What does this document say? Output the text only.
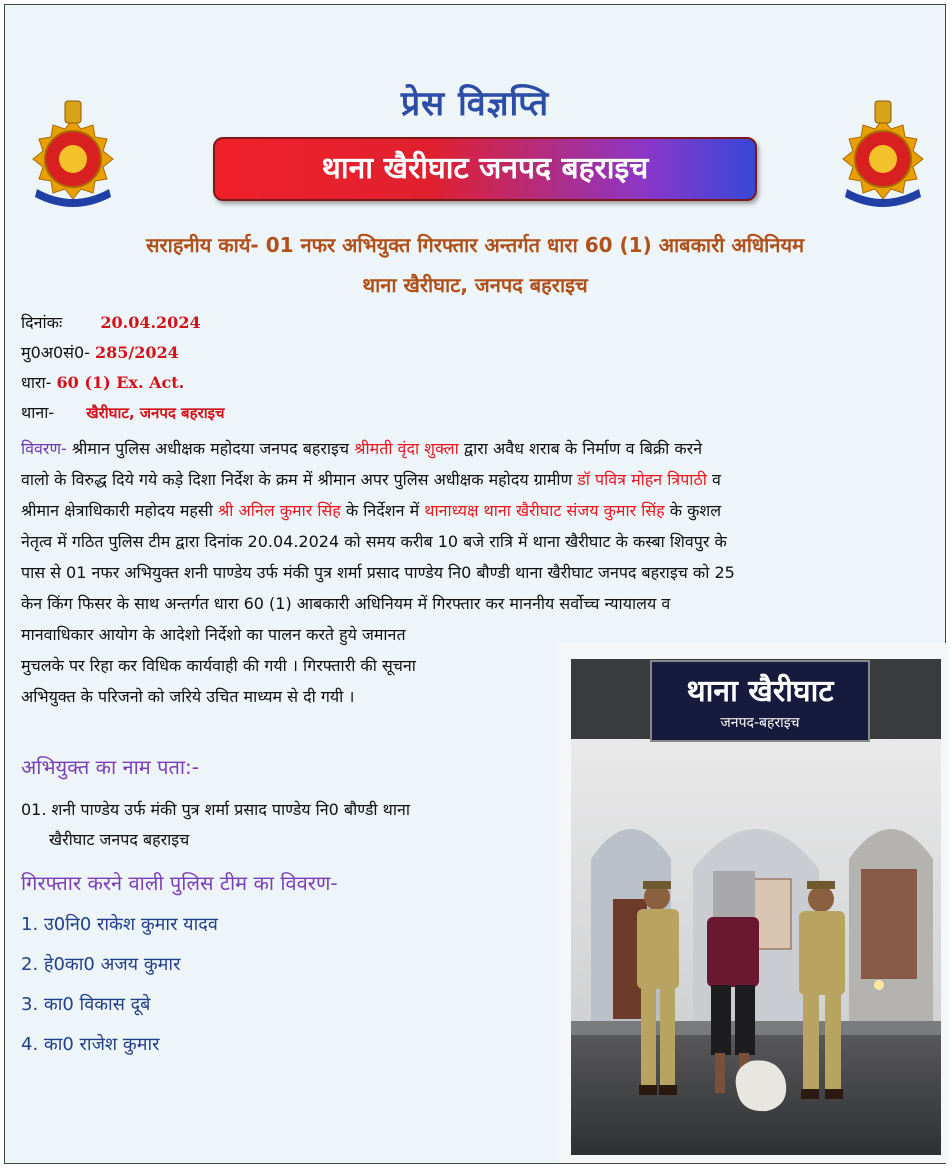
प्रेस विज्ञप्ति
थाना खैरीघाट जनपद बहराइच
सराहनीय कार्य- 01 नफर अभियुक्त गिरफ्तार अन्तर्गत धारा 60 (1) आबकारी अधिनियम
थाना खैरीघाट, जनपद बहराइच
दिनांकः 20.04.2024
मु0अ0सं0- 285/2024
धारा- 60 (1) Ex. Act.
थाना- खैरीघाट, जनपद बहराइच
विवरण- श्रीमान पुलिस अधीक्षक महोदया जनपद बहराइच श्रीमती वृंदा शुक्ला द्वारा अवैध शराब के निर्माण व बिक्री करने
वालो के विरुद्ध दिये गये कड़े दिशा निर्देश के क्रम में श्रीमान अपर पुलिस अधीक्षक महोदय ग्रामीण डॉ पवित्र मोहन त्रिपाठी व
श्रीमान क्षेत्राधिकारी महोदय महसी श्री अनिल कुमार सिंह के निर्देशन में थानाध्यक्ष थाना खैरीघाट संजय कुमार सिंह के कुशल
नेतृत्व में गठित पुलिस टीम द्वारा दिनांक 20.04.2024 को समय करीब 10 बजे रात्रि में थाना खैरीघाट के कस्बा शिवपुर के
पास से 01 नफर अभियुक्त शनी पाण्डेय उर्फ मंकी पुत्र शर्मा प्रसाद पाण्डेय नि0 बौण्डी थाना खैरीघाट जनपद बहराइच को 25
केन किंग फिसर के साथ अन्तर्गत धारा 60 (1) आबकारी अधिनियम में गिरफ्तार कर माननीय सर्वोच्च न्यायालय व
मानवाधिकार आयोग के आदेशो निर्देशो का पालन करते हुये जमानत
मुचलके पर रिहा कर विधिक कार्यवाही की गयी । गिरफ्तारी की सूचना
अभियुक्त के परिजनो को जरिये उचित माध्यम से दी गयी ।
अभियुक्त का नाम पता:-
01. शनी पाण्डेय उर्फ मंकी पुत्र शर्मा प्रसाद पाण्डेय नि0 बौण्डी थाना
खैरीघाट जनपद बहराइच
गिरफ्तार करने वाली पुलिस टीम का विवरण-
1. उ0नि0 राकेश कुमार यादव
2. हे0का0 अजय कुमार
3. का0 विकास दूबे
4. का0 राजेश कुमार
थाना खैरीघाट
जनपद-बहराइच
